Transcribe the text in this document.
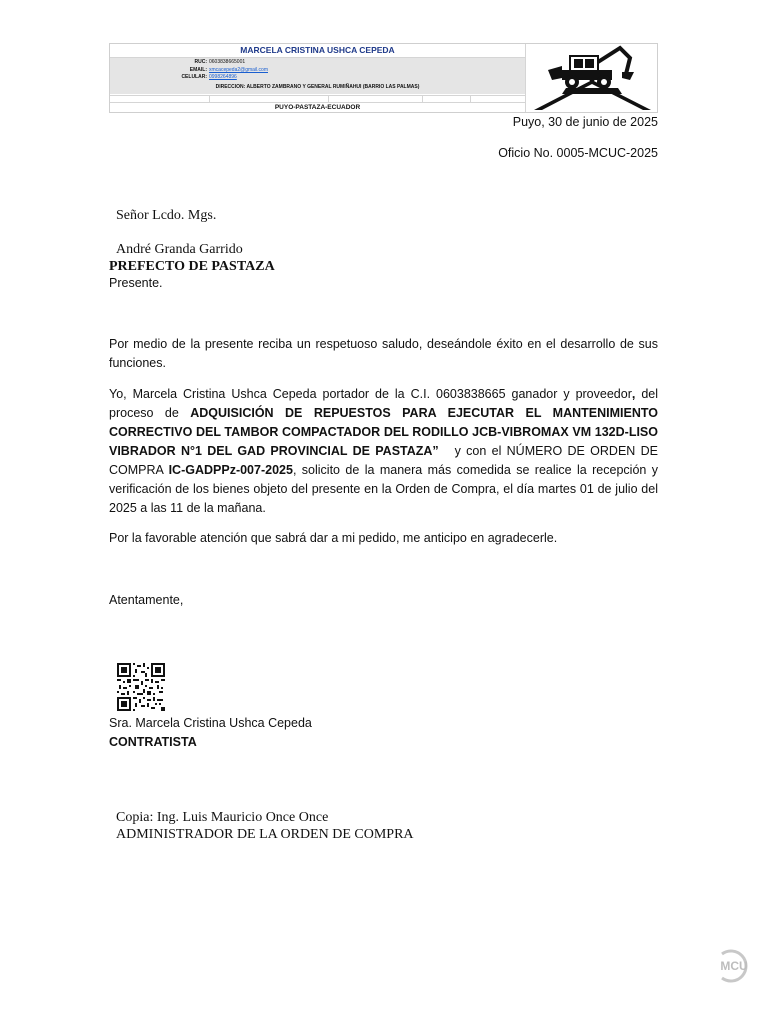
MARCELA CRISTINA USHCA CEPEDA
RUC: 0603838665001
EMAIL: xmcacepeda2@gmail.com
CELULAR: 0998264896
DIRECCION: ALBERTO ZAMBRANO Y GENERAL RUMIÑAHUI (BARRIO LAS PALMAS)
PUYO-PASTAZA-ECUADOR
Puyo, 30 de junio de 2025
Oficio No. 0005-MCUC-2025
Señor Lcdo. Mgs.
André Granda Garrido
PREFECTO DE PASTAZA
Presente.
Por medio de la presente reciba un respetuoso saludo, deseándole éxito en el desarrollo de sus funciones.
Yo, Marcela Cristina Ushca Cepeda portador de la C.I. 0603838665 ganador y proveedor, del proceso de ADQUISICIÓN DE REPUESTOS PARA EJECUTAR EL MANTENIMIENTO CORRECTIVO DEL TAMBOR COMPACTADOR DEL RODILLO JCB-VIBROMAX VM 132D-LISO VIBRADOR N°1 DEL GAD PROVINCIAL DE PASTAZA”   y con el NÚMERO DE ORDEN DE COMPRA IC-GADPPz-007-2025, solicito de la manera más comedida se realice la recepción y verificación de los bienes objeto del presente en la Orden de Compra, el día martes 01 de julio del 2025 a las 11 de la mañana.
Por la favorable atención que sabrá dar a mi pedido, me anticipo en agradecerle.
Atentamente,
Sra. Marcela Cristina Ushca Cepeda
CONTRATISTA
Copia: Ing. Luis Mauricio Once Once
ADMINISTRADOR DE LA ORDEN DE COMPRA
MCU
